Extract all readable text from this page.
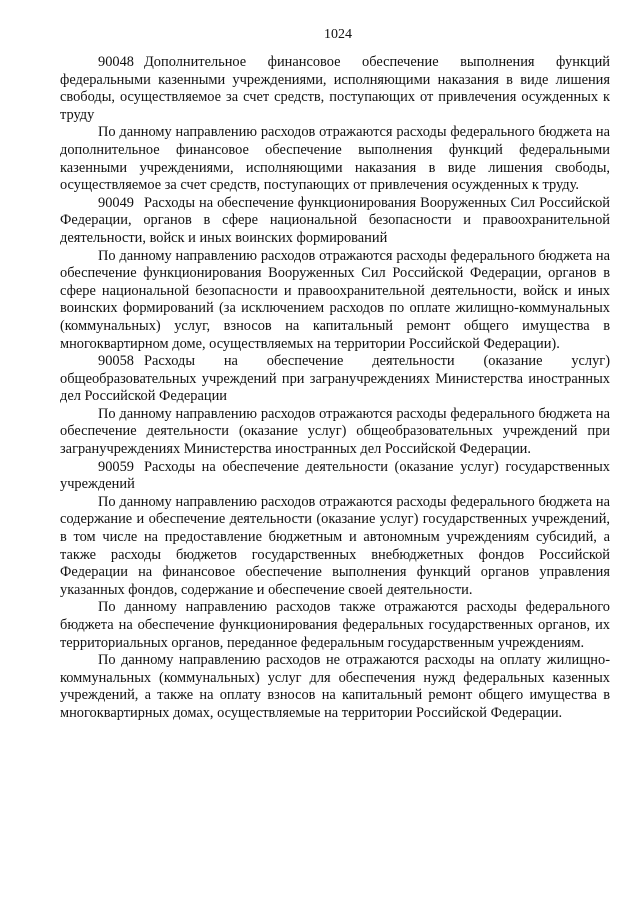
1024

90048 Дополнительное финансовое обеспечение выполнения функций федеральными казенными учреждениями, исполняющими наказания в виде лишения свободы, осуществляемое за счет средств, поступающих от привлечения осужденных к труду

По данному направлению расходов отражаются расходы федерального бюджета на дополнительное финансовое обеспечение выполнения функций федеральными казенными учреждениями, исполняющими наказания в виде лишения свободы, осуществляемое за счет средств, поступающих от привлечения осужденных к труду.

90049 Расходы на обеспечение функционирования Вооруженных Сил Российской Федерации, органов в сфере национальной безопасности и правоохранительной деятельности, войск и иных воинских формирований

По данному направлению расходов отражаются расходы федерального бюджета на обеспечение функционирования Вооруженных Сил Российской Федерации, органов в сфере национальной безопасности и правоохранительной деятельности, войск и иных воинских формирований (за исключением расходов по оплате жилищно-коммунальных (коммунальных) услуг, взносов на капитальный ремонт общего имущества в многоквартирном доме, осуществляемых на территории Российской Федерации).

90058 Расходы на обеспечение деятельности (оказание услуг) общеобразовательных учреждений при загранучреждениях Министерства иностранных дел Российской Федерации

По данному направлению расходов отражаются расходы федерального бюджета на обеспечение деятельности (оказание услуг) общеобразовательных учреждений при загранучреждениях Министерства иностранных дел Российской Федерации.

90059 Расходы на обеспечение деятельности (оказание услуг) государственных учреждений

По данному направлению расходов отражаются расходы федерального бюджета на содержание и обеспечение деятельности (оказание услуг) государственных учреждений, в том числе на предоставление бюджетным и автономным учреждениям субсидий, а также расходы бюджетов государственных внебюджетных фондов Российской Федерации на финансовое обеспечение выполнения функций органов управления указанных фондов, содержание и обеспечение своей деятельности.

По данному направлению расходов также отражаются расходы федерального бюджета на обеспечение функционирования федеральных государственных органов, их территориальных органов, переданное федеральным государственным учреждениям.

По данному направлению расходов не отражаются расходы на оплату жилищно-коммунальных (коммунальных) услуг для обеспечения нужд федеральных казенных учреждений, а также на оплату взносов на капитальный ремонт общего имущества в многоквартирных домах, осуществляемые на территории Российской Федерации.
